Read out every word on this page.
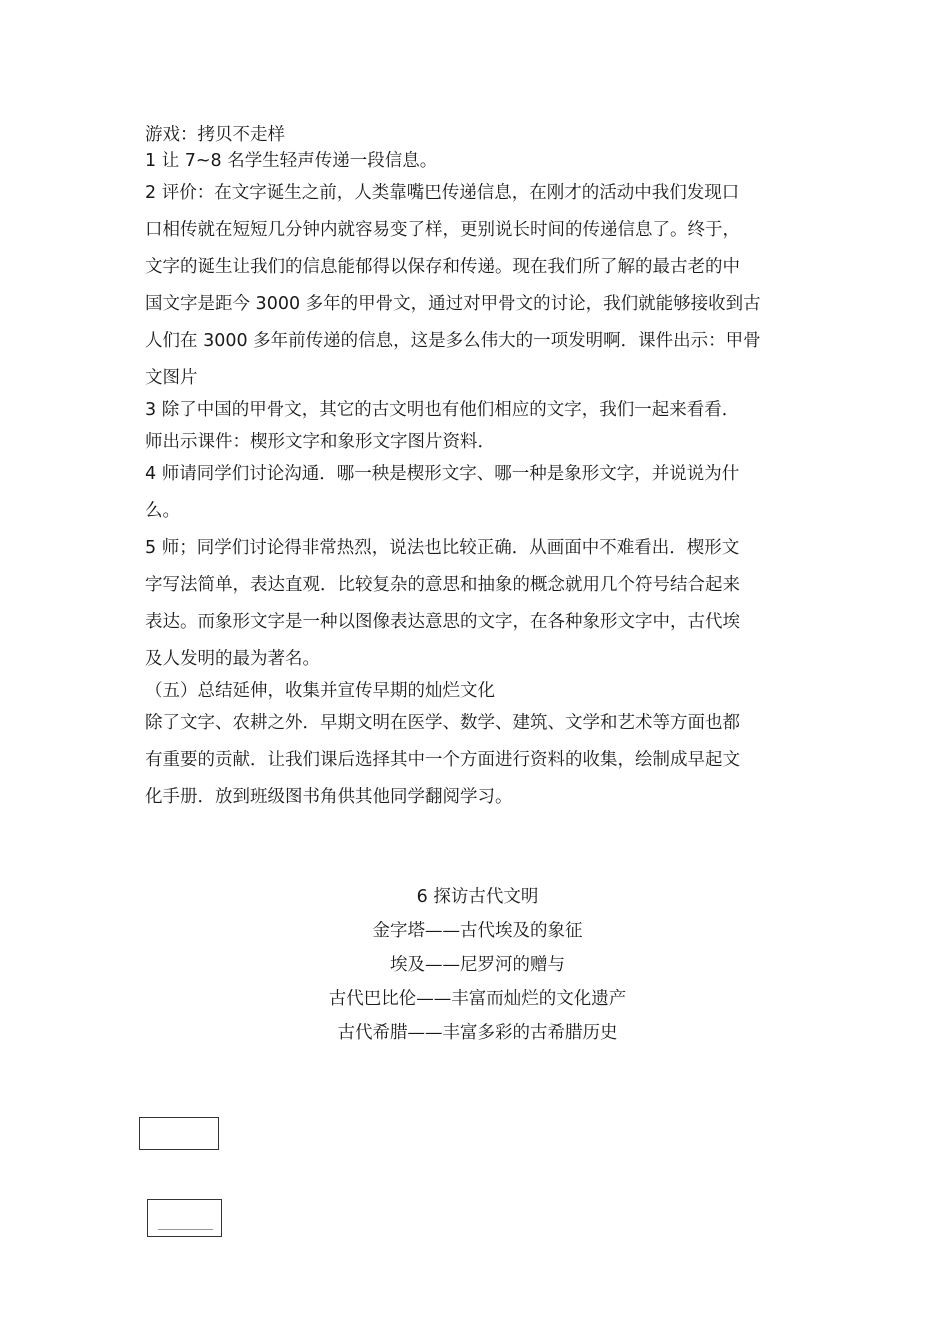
游戏：拷贝不走样
1 让 7~8 名学生轻声传递一段信息。
2 评价：在文字诞生之前，人类靠嘴巴传递信息，在刚才的活动中我们发现口
口相传就在短短几分钟内就容易变了样，更别说长时间的传递信息了。终于，
文字的诞生让我们的信息能郁得以保存和传递。现在我们所了解的最古老的中
国文字是距今 3000 多年的甲骨文，通过对甲骨文的讨论，我们就能够接收到古
人们在 3000 多年前传递的信息，这是多么伟大的一项发明啊．课件出示：甲骨
文图片
3 除了中国的甲骨文，其它的古文明也有他们相应的文字，我们一起来看看．
师出示课件：楔形文字和象形文字图片资料．
4 师请同学们讨论沟通．哪一秧是楔形文字、哪一种是象形文字，并说说为什
么。
5 师；同学们讨论得非常热烈，说法也比较正确．从画面中不难看出．楔形文
字写法简单，表达直观．比较复杂的意思和抽象的概念就用几个符号结合起来
表达。而象形文字是一种以图像表达意思的文字，在各种象形文字中，古代埃
及人发明的最为著名。
（五）总结延伸，收集并宣传早期的灿烂文化
除了文字、农耕之外．早期文明在医学、数学、建筑、文学和艺术等方面也都
有重要的贡献．让我们课后选择其中一个方面进行资料的收集，绘制成早起文
化手册．放到班级图书角供其他同学翻阅学习。
6 探访古代文明
金字塔——古代埃及的象征
埃及——尼罗河的赠与
古代巴比伦——丰富而灿烂的文化遗产
古代希腊——丰富多彩的古希腊历史
